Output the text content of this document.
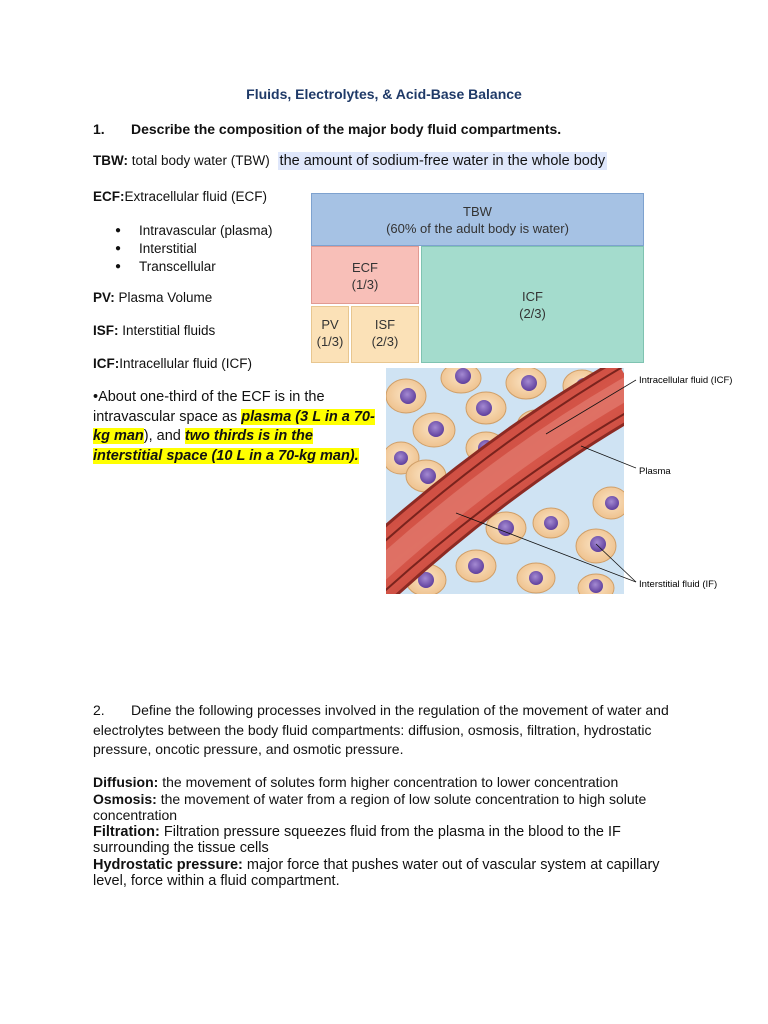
Fluids, Electrolytes, & Acid-Base Balance
1. Describe the composition of the major body fluid compartments.
TBW: total body water (TBW) the amount of sodium-free water in the whole body
ECF:Extracellular fluid (ECF)
● Intravascular (plasma)
● Interstitial
● Transcellular
PV: Plasma Volume
ISF: Interstitial fluids
ICF:Intracellular fluid (ICF)
TBW
(60% of the adult body is water)
ECF
(1/3)
ICF
(2/3)
PV
(1/3)
ISF
(2/3)
•About one-third of the ECF is in the intravascular space as plasma (3 L in a 70-kg man), and two thirds is in the interstitial space (10 L in a 70-kg man).
Intracellular fluid (ICF)
Plasma
Interstitial fluid (IF)
2. Define the following processes involved in the regulation of the movement of water and electrolytes between the body fluid compartments: diffusion, osmosis, filtration, hydrostatic pressure, oncotic pressure, and osmotic pressure.

Diffusion: the movement of solutes form higher concentration to lower concentration

Osmosis: the movement of water from a region of low solute concentration to high solute concentration

Filtration: Filtration pressure squeezes fluid from the plasma in the blood to the IF surrounding the tissue cells

Hydrostatic pressure: major force that pushes water out of vascular system at capillary level, force within a fluid compartment.
